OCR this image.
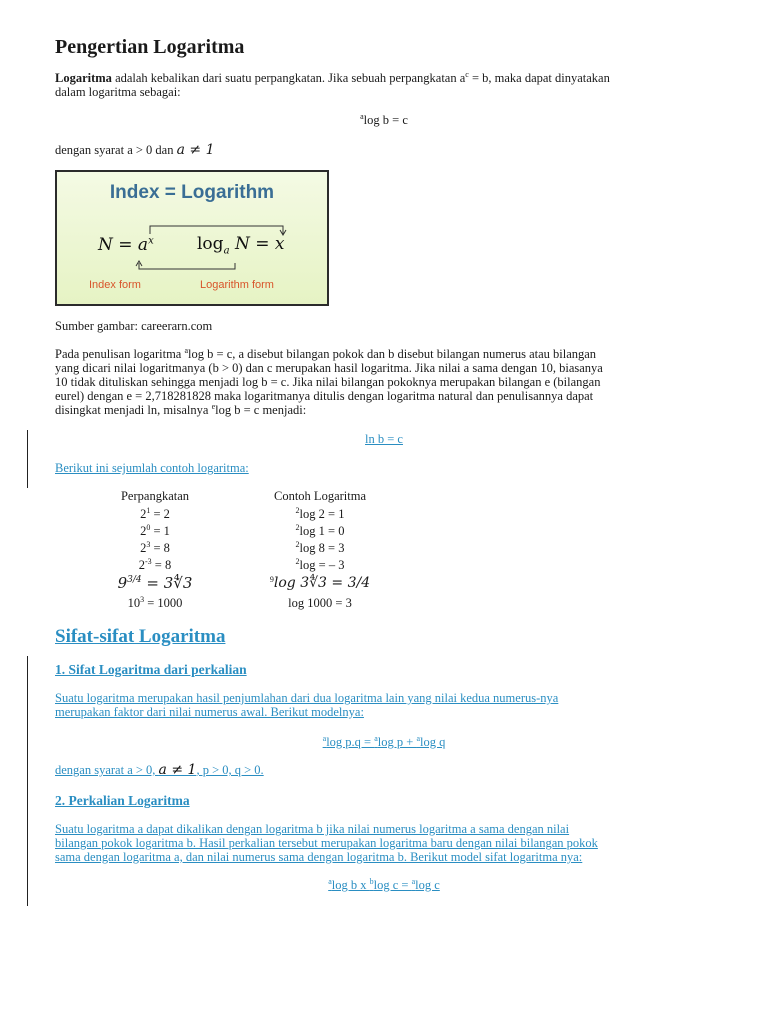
Pengertian Logaritma
Logaritma adalah kebalikan dari suatu perpangkatan. Jika sebuah perpangkatan $a^c = b$, maka dapat dinyatakan
dalam logaritma sebagai:
$^a$log b = c
dengan syarat a > 0 dan a ≠ 1
Index = Logarithm
$N = a^x$	$\log_a N = x$
Index form	Logarithm form
Sumber gambar: careerarn.com
Pada penulisan logaritma $^a$log b = c, a disebut bilangan pokok dan b disebut bilangan numerus atau bilangan
yang dicari nilai logaritmanya (b > 0) dan c merupakan hasil logaritma. Jika nilai a sama dengan 10, biasanya
10 tidak dituliskan sehingga menjadi log b = c. Jika nilai bilangan pokoknya merupakan bilangan e (bilangan
eurel) dengan e = 2,718281828 maka logaritmanya ditulis dengan logaritma natural dan penulisannya dapat
disingkat menjadi ln, misalnya $^e$log b = c menjadi:
ln b = c
Berikut ini sejumlah contoh logaritma:
Perpangkatan	Contoh Logaritma
$2^1 = 2$	$^2$log 2 = 1
$2^0 = 1$	$^2$log 1 = 0
$2^3 = 8$	$^2$log 8 = 3
$2^{-3} = 8$	$^2$log = – 3
$9^{3/4}$ = 3∜3	$^9$log 3∜3 = 3/4
$10^3 = 1000$	log 1000 = 3
Sifat-sifat Logaritma
1. Sifat Logaritma dari perkalian
Suatu logaritma merupakan hasil penjumlahan dari dua logaritma lain yang nilai kedua numerus-nya
merupakan faktor dari nilai numerus awal. Berikut modelnya:
$^a$log p.q = $^a$log p + $^a$log q
dengan syarat a > 0, a ≠ 1, p > 0, q > 0.
2. Perkalian Logaritma
Suatu logaritma a dapat dikalikan dengan logaritma b jika nilai numerus logaritma a sama dengan nilai
bilangan pokok logaritma b. Hasil perkalian tersebut merupakan logaritma baru dengan nilai bilangan pokok
sama dengan logaritma a, dan nilai numerus sama dengan logaritma b. Berikut model sifat logaritma nya:
$^a$log b x $^b$log c = $^a$log c
